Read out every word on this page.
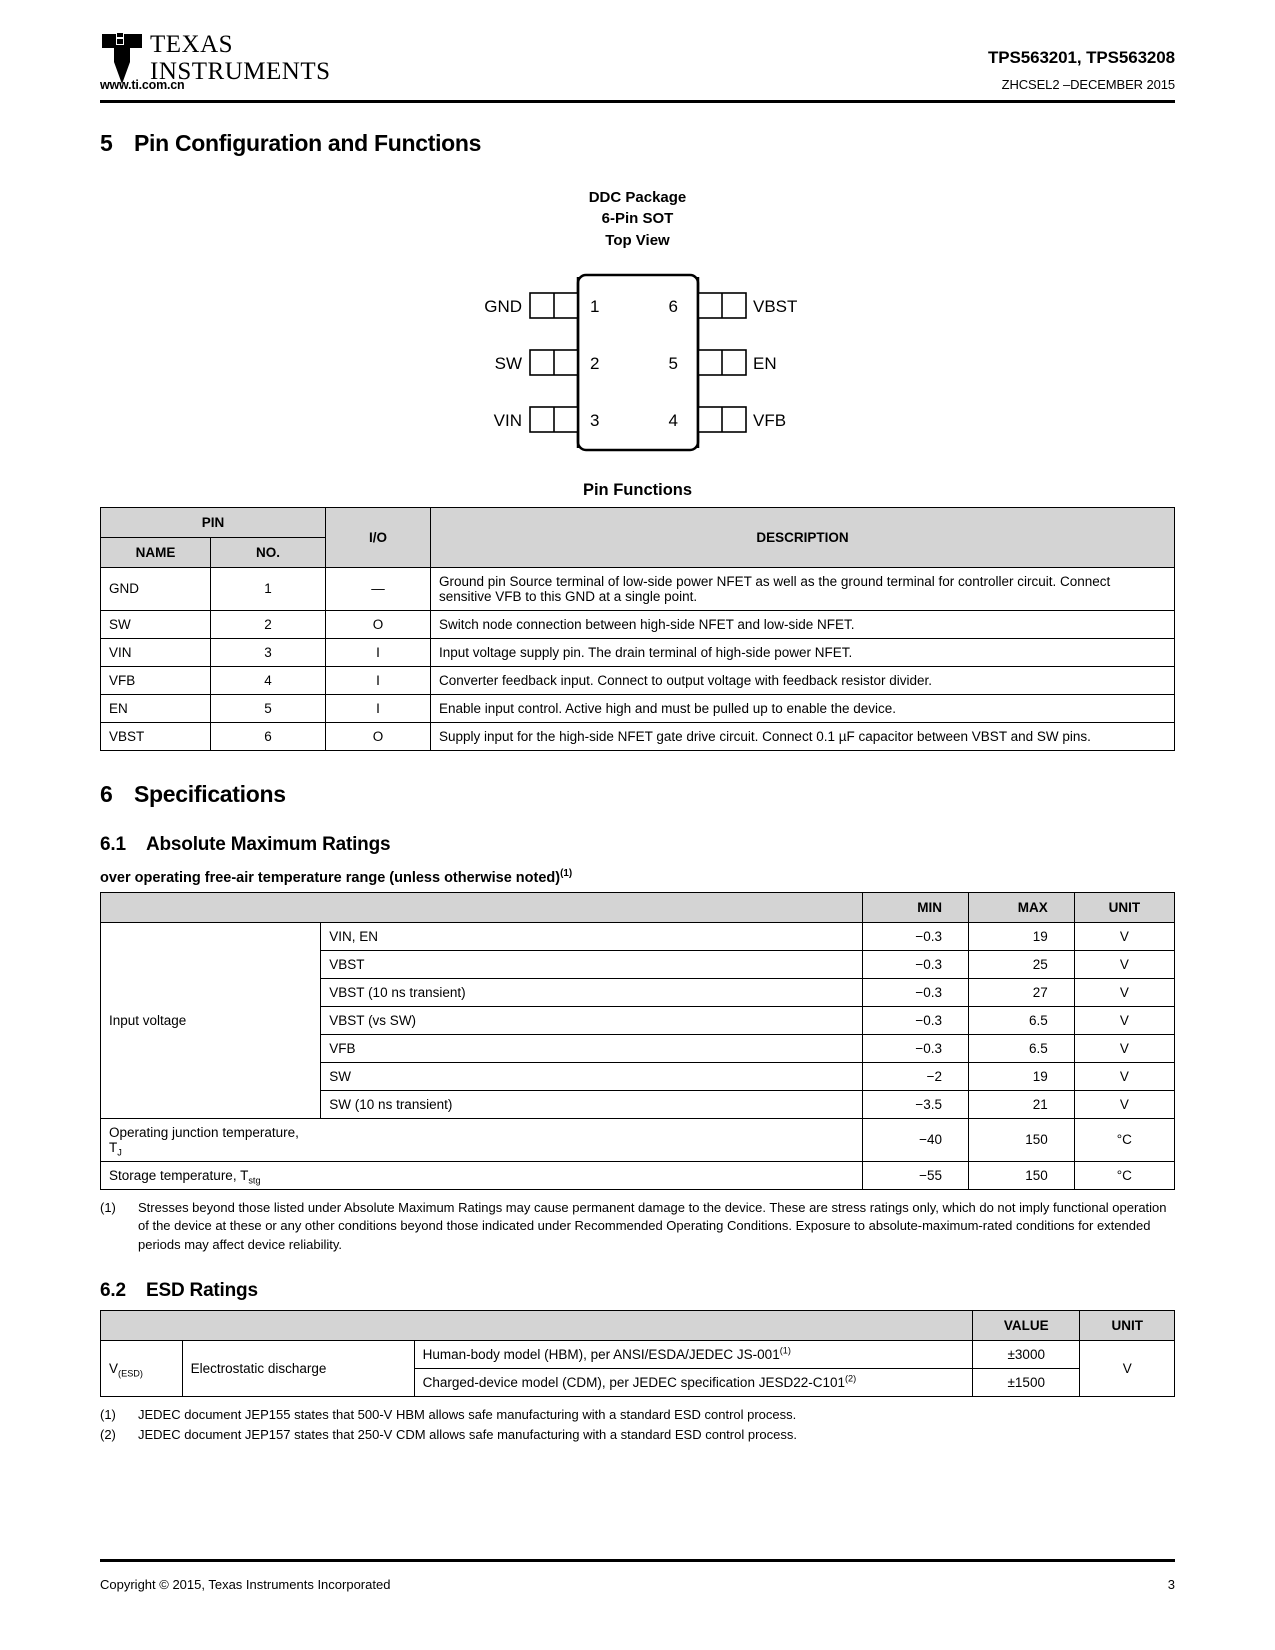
TEXAS
INSTRUMENTS
www.ti.com.cn
TPS563201, TPS563208
ZHCSEL2 –DECEMBER 2015
5 Pin Configuration and Functions
DDC Package
6-Pin SOT
Top View
1
2
3
6
5
4
GND
SW
VIN
VBST
EN
VFB
Pin Functions
PIN		I/O	DESCRIPTION
NAME	NO.		
GND	1	—	Ground pin Source terminal of low-side power NFET as well as the ground terminal for controller circuit. Connect sensitive VFB to this GND at a single point.
SW	2	O	Switch node connection between high-side NFET and low-side NFET.
VIN	3	I	Input voltage supply pin. The drain terminal of high-side power NFET.
VFB	4	I	Converter feedback input. Connect to output voltage with feedback resistor divider.
EN	5	I	Enable input control. Active high and must be pulled up to enable the device.
VBST	6	O	Supply input for the high-side NFET gate drive circuit. Connect 0.1 µF capacitor between VBST and SW pins.
6 Specifications
6.1 Absolute Maximum Ratings
over operating free-air temperature range (unless otherwise noted)$^{(1)}$
		MIN	MAX	UNIT
Input voltage	VIN, EN	−0.3	19	V
	VBST	−0.3	25	V
	VBST (10 ns transient)	−0.3	27	V
	VBST (vs SW)	−0.3	6.5	V
	VFB	−0.3	6.5	V
	SW	−2	19	V
	SW (10 ns transient)	−3.5	21	V
Operating junction temperature, $T_J$		−40	150	°C
Storage temperature, $T_{stg}$		−55	150	°C
(1)	Stresses beyond those listed under Absolute Maximum Ratings may cause permanent damage to the device. These are stress ratings only, which do not imply functional operation of the device at these or any other conditions beyond those indicated under Recommended Operating Conditions. Exposure to absolute-maximum-rated conditions for extended periods may affect device reliability.
6.2 ESD Ratings
			VALUE	UNIT
$V_{(ESD)}$	Electrostatic discharge	Human-body model (HBM), per ANSI/ESDA/JEDEC $JS-001^{(1)}$	±3000	V
		Charged-device model (CDM), per JEDEC specification $JESD22-C101^{(2)}$	±1500	
(1)	JEDEC document JEP155 states that 500-V HBM allows safe manufacturing with a standard ESD control process.
(2)	JEDEC document JEP157 states that 250-V CDM allows safe manufacturing with a standard ESD control process.
Copyright © 2015, Texas Instruments Incorporated	3
